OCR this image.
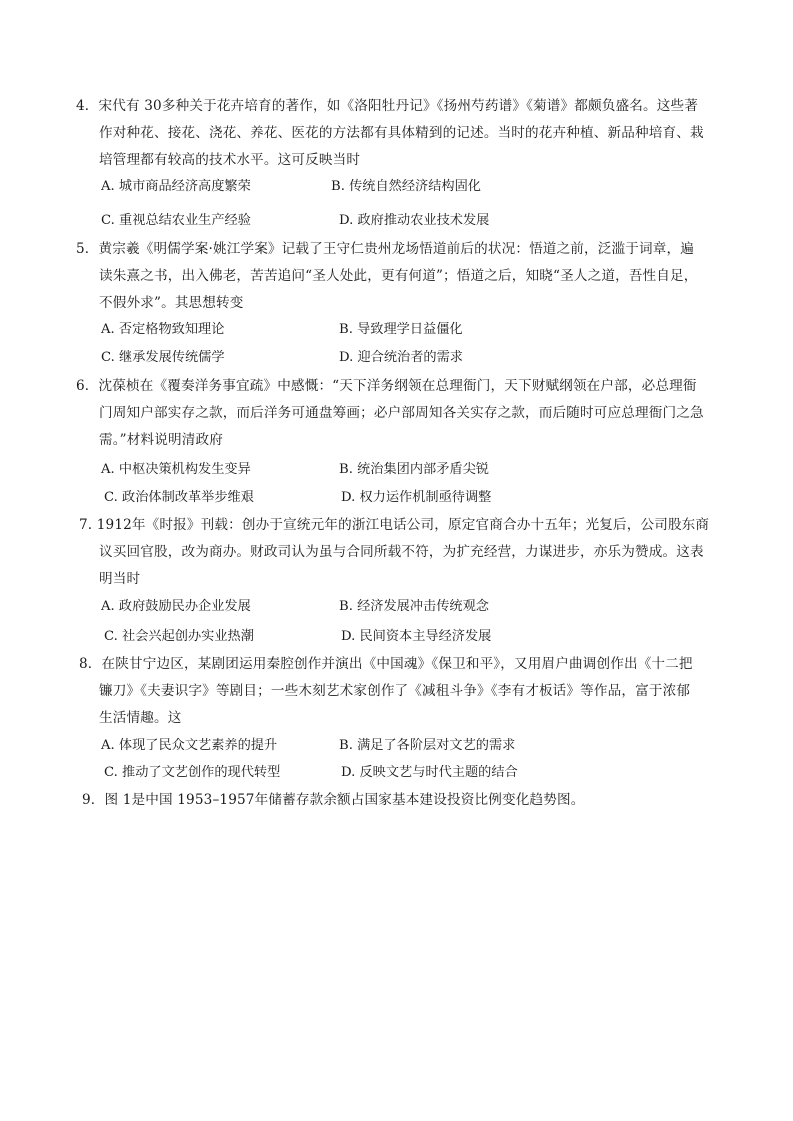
4．宋代有 30多种关于花卉培育的著作，如《洛阳牡丹记》《扬州芍药谱》《菊谱》都颇负盛名。这些著
作对种花、接花、浇花、养花、医花的方法都有具体精到的记述。当时的花卉种植、新品种培育、栽
培管理都有较高的技术水平。这可反映当时
A. 城市商品经济高度繁荣	B. 传统自然经济结构固化
C. 重视总结农业生产经验	D. 政府推动农业技术发展
5．黄宗羲《明儒学案·姚江学案》记载了王守仁贵州龙场悟道前后的状况：悟道之前，泛滥于词章，遍
读朱熹之书，出入佛老，苦苦追问“圣人处此，更有何道”；悟道之后，知晓“圣人之道，吾性自足，
不假外求”。其思想转变
A. 否定格物致知理论	B. 导致理学日益僵化
C. 继承发展传统儒学	D. 迎合统治者的需求
6．沈葆桢在《覆奏洋务事宜疏》中感慨：“天下洋务纲领在总理衙门，天下财赋纲领在户部，必总理衙
门周知户部实存之款，而后洋务可通盘筹画；必户部周知各关实存之款，而后随时可应总理衙门之急
需。”材料说明清政府
A. 中枢决策机构发生变异	B. 统治集团内部矛盾尖锐
C. 政治体制改革举步维艰	D. 权力运作机制亟待调整
7. 1912年《时报》刊载：创办于宣统元年的浙江电话公司，原定官商合办十五年；光复后，公司股东商
议买回官股，改为商办。财政司认为虽与合同所载不符，为扩充经营，力谋进步，亦乐为赞成。这表
明当时
A. 政府鼓励民办企业发展	B. 经济发展冲击传统观念
C. 社会兴起创办实业热潮	D. 民间资本主导经济发展
8．在陕甘宁边区，某剧团运用秦腔创作并演出《中国魂》《保卫和平》，又用眉户曲调创作出《十二把
镰刀》《夫妻识字》等剧目；一些木刻艺术家创作了《减租斗争》《李有才板话》等作品，富于浓郁
生活情趣。这
A. 体现了民众文艺素养的提升	B. 满足了各阶层对文艺的需求
C. 推动了文艺创作的现代转型	D. 反映文艺与时代主题的结合
9．图 1是中国 1953–1957年储蓄存款余额占国家基本建设投资比例变化趋势图。
